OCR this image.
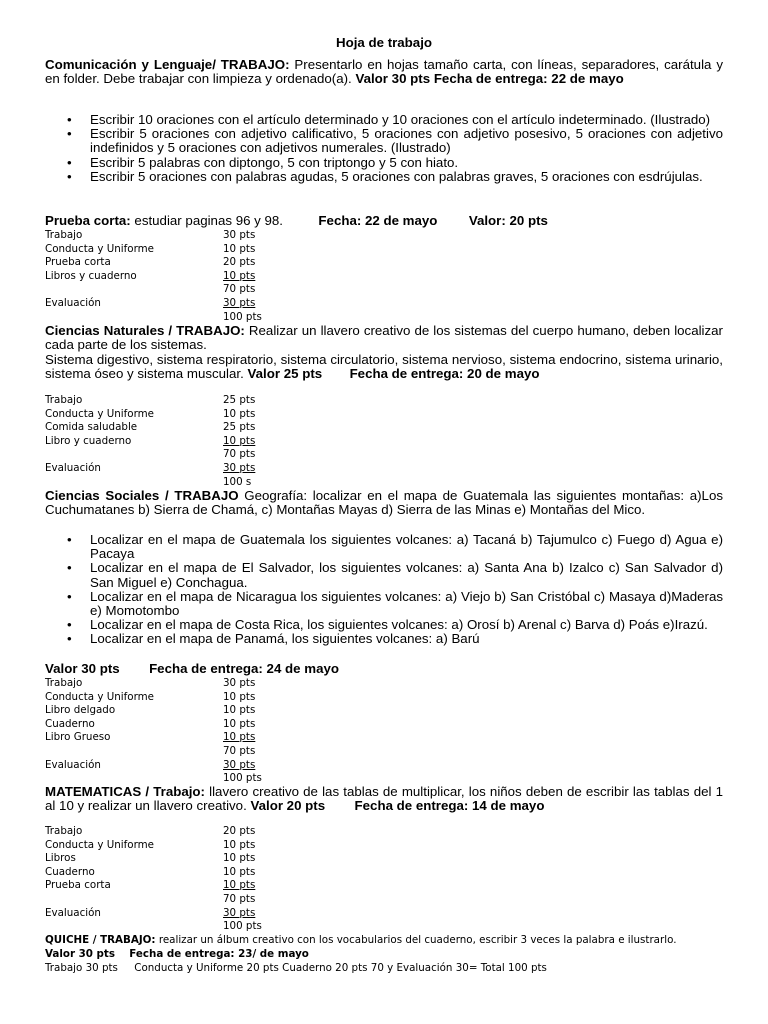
Hoja de trabajo
Comunicación y Lenguaje/ TRABAJO: Presentarlo en hojas tamaño carta, con líneas, separadores, carátula y en folder. Debe trabajar con limpieza y ordenado(a). Valor 30 pts Fecha de entrega: 22 de mayo
• Escribir 10 oraciones con el artículo determinado y 10 oraciones con el artículo indeterminado. (Ilustrado)
• Escribir 5 oraciones con adjetivo calificativo, 5 oraciones con adjetivo posesivo, 5 oraciones con adjetivo indefinidos y 5 oraciones con adjetivos numerales. (Ilustrado)
• Escribir 5 palabras con diptongo, 5 con triptongo y 5 con hiato.
• Escribir 5 oraciones con palabras agudas, 5 oraciones con palabras graves, 5 oraciones con esdrújulas.
Prueba corta: estudiar paginas 96 y 98.	Fecha: 22 de mayo Valor: 20 pts
Trabajo	30 pts
Conducta y Uniforme	10 pts
Prueba corta	20 pts
Libros y cuaderno	10 pts
70 pts
Evaluación	30 pts
100 pts
Ciencias Naturales / TRABAJO: Realizar un llavero creativo de los sistemas del cuerpo humano, deben localizar cada parte de los sistemas.
Sistema digestivo, sistema respiratorio, sistema circulatorio, sistema nervioso, sistema endocrino, sistema urinario, sistema óseo y sistema muscular. Valor 25 pts Fecha de entrega: 20 de mayo
Trabajo	25 pts
Conducta y Uniforme	10 pts
Comida saludable	25 pts
Libro y cuaderno	10 pts
70 pts
Evaluación	30 pts
100 s
Ciencias Sociales / TRABAJO Geografía: localizar en el mapa de Guatemala las siguientes montañas: a)Los Cuchumatanes b) Sierra de Chamá, c) Montañas Mayas d) Sierra de las Minas e) Montañas del Mico.
• Localizar en el mapa de Guatemala los siguientes volcanes: a) Tacaná b) Tajumulco c) Fuego d) Agua e) Pacaya
• Localizar en el mapa de El Salvador, los siguientes volcanes: a) Santa Ana b) Izalco c) San Salvador d) San Miguel e) Conchagua.
• Localizar en el mapa de Nicaragua los siguientes volcanes: a) Viejo b) San Cristóbal c) Masaya d)Maderas e) Momotombo
• Localizar en el mapa de Costa Rica, los siguientes volcanes: a) Orosí b) Arenal c) Barva d) Poás e)Irazú.
• Localizar en el mapa de Panamá, los siguientes volcanes: a) Barú
Valor 30 pts Fecha de entrega: 24 de mayo
Trabajo	30 pts
Conducta y Uniforme	10 pts
Libro delgado	10 pts
Cuaderno	10 pts
Libro Grueso	10 pts
70 pts
Evaluación	30 pts
100 pts
MATEMATICAS / Trabajo: llavero creativo de las tablas de multiplicar, los niños deben de escribir las tablas del 1 al 10 y realizar un llavero creativo. Valor 20 pts Fecha de entrega: 14 de mayo
Trabajo	20 pts
Conducta y Uniforme	10 pts
Libros	10 pts
Cuaderno	10 pts
Prueba corta	10 pts
70 pts
Evaluación	30 pts
100 pts
QUICHE / TRABAJO: realizar un álbum creativo con los vocabularios del cuaderno, escribir 3 veces la palabra e ilustrarlo.
Valor 30 pts    Fecha de entrega: 23/ de mayo
Trabajo 30 pts     Conducta y Uniforme 20 pts Cuaderno 20 pts 70 y Evaluación 30= Total 100 pts
